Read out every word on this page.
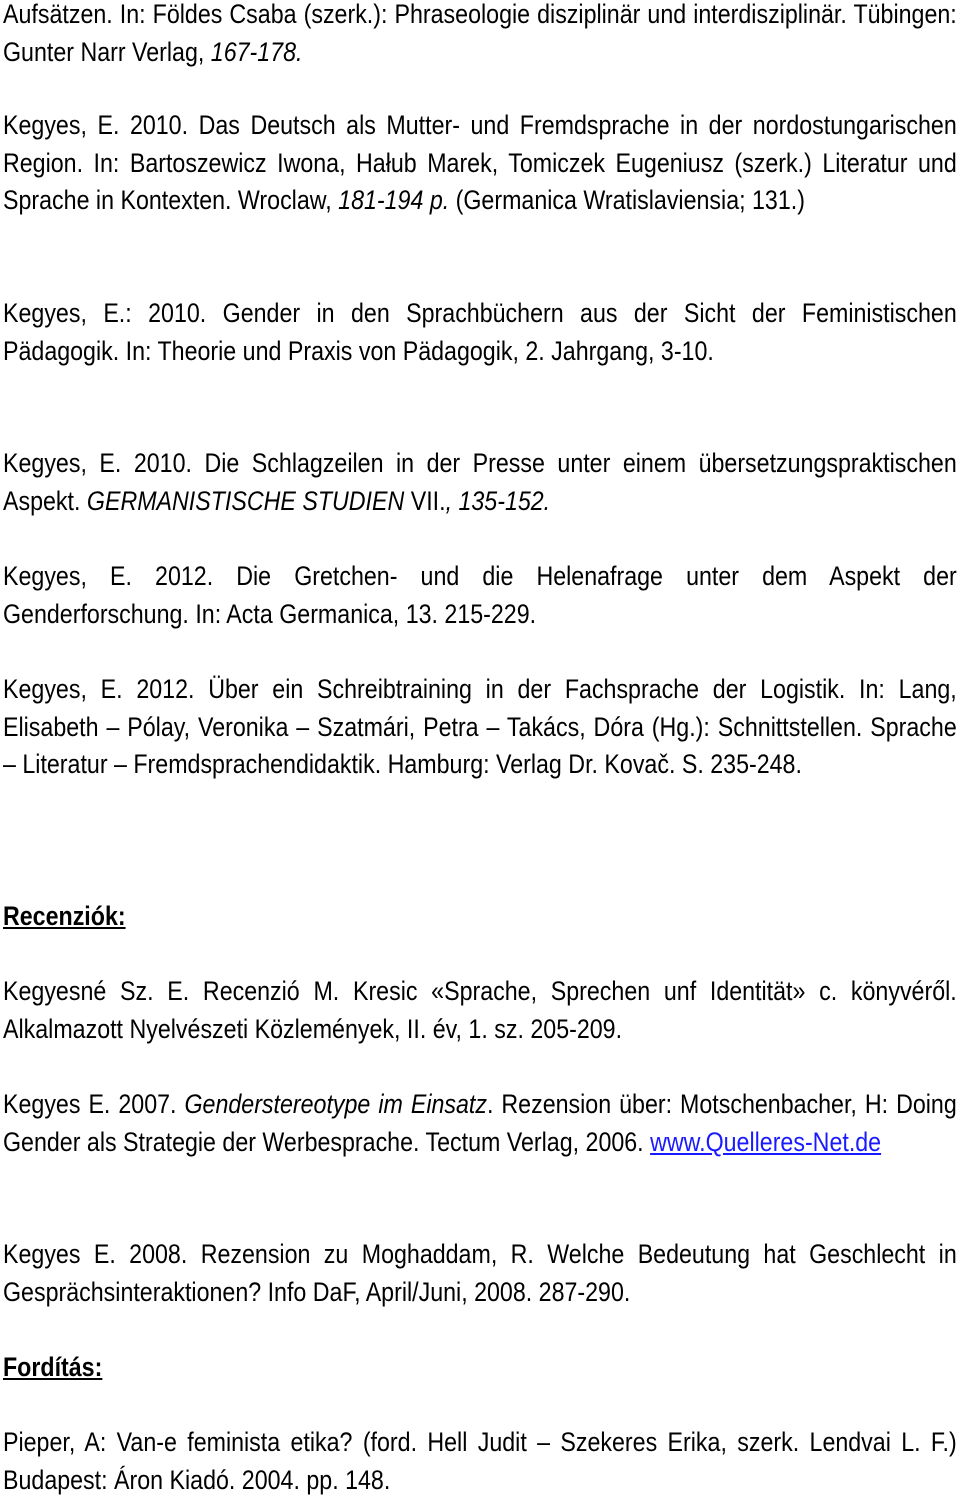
Aufsätzen. In: Földes Csaba (szerk.): Phraseologie disziplinär und interdisziplinär. Tübingen: Gunter Narr Verlag, 167-178.

Kegyes, E. 2010. Das Deutsch als Mutter- und Fremdsprache in der nordostungarischen Region. In: Bartoszewicz Iwona, Hałub Marek, Tomiczek Eugeniusz (szerk.) Literatur und Sprache in Kontexten. Wroclaw, 181-194 p. (Germanica Wratislaviensia; 131.)

Kegyes, E.: 2010. Gender in den Sprachbüchern aus der Sicht der Feministischen Pädagogik. In: Theorie und Praxis von Pädagogik, 2. Jahrgang, 3-10.

Kegyes, E. 2010. Die Schlagzeilen in der Presse unter einem übersetzungspraktischen Aspekt. GERMANISTISCHE STUDIEN VII., 135-152.

Kegyes, E. 2012. Die Gretchen- und die Helenafrage unter dem Aspekt der Genderforschung. In: Acta Germanica, 13. 215-229.

Kegyes, E. 2012. Über ein Schreibtraining in der Fachsprache der Logistik. In: Lang, Elisabeth – Pólay, Veronika – Szatmári, Petra – Takács, Dóra (Hg.): Schnittstellen. Sprache – Literatur – Fremdsprachendidaktik. Hamburg: Verlag Dr. Kovač. S. 235-248.

Recenziók:

Kegyesné Sz. E. Recenzió M. Kresic «Sprache, Sprechen unf Identität» c. könyvéről. Alkalmazott Nyelvészeti Közlemények, II. év, 1. sz. 205-209.

Kegyes E. 2007. Genderstereotype im Einsatz. Rezension über: Motschenbacher, H: Doing Gender als Strategie der Werbesprache. Tectum Verlag, 2006. www.Quelleres-Net.de

Kegyes E. 2008. Rezension zu Moghaddam, R. Welche Bedeutung hat Geschlecht in Gesprächsinteraktionen? Info DaF, April/Juni, 2008. 287-290.

Fordítás:

Pieper, A: Van-e feminista etika? (ford. Hell Judit – Szekeres Erika, szerk. Lendvai L. F.) Budapest: Áron Kiadó. 2004. pp. 148.
